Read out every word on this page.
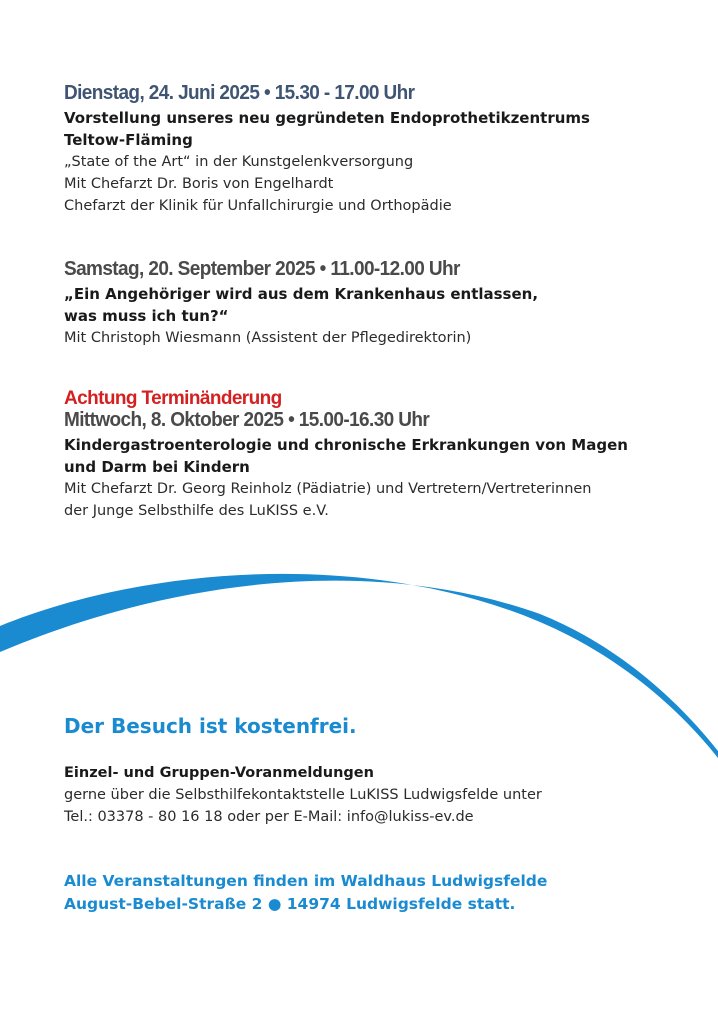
Dienstag, 24. Juni 2025 • 15.30 - 17.00 Uhr
Vorstellung unseres neu gegründeten Endoprothetikzentrums
Teltow-Fläming
„State of the Art“ in der Kunstgelenkversorgung
Mit Chefarzt Dr. Boris von Engelhardt
Chefarzt der Klinik für Unfallchirurgie und Orthopädie
Samstag, 20. September 2025 • 11.00-12.00 Uhr
„Ein Angehöriger wird aus dem Krankenhaus entlassen,
was muss ich tun?“
Mit Christoph Wiesmann (Assistent der Pflegedirektorin)
Achtung Terminänderung
Mittwoch, 8. Oktober 2025 • 15.00-16.30 Uhr
Kindergastroenterologie und chronische Erkrankungen von Magen
und Darm bei Kindern
Mit Chefarzt Dr. Georg Reinholz (Pädiatrie) und Vertretern/Vertreterinnen
der Junge Selbsthilfe des LuKISS e.V.
Der Besuch ist kostenfrei.
Einzel- und Gruppen-Voranmeldungen
gerne über die Selbsthilfekontaktstelle LuKISS Ludwigsfelde unter
Tel.: 03378 - 80 16 18 oder per E-Mail: info@lukiss-ev.de
Alle Veranstaltungen finden im Waldhaus Ludwigsfelde
August-Bebel-Straße 2 ● 14974 Ludwigsfelde statt.
